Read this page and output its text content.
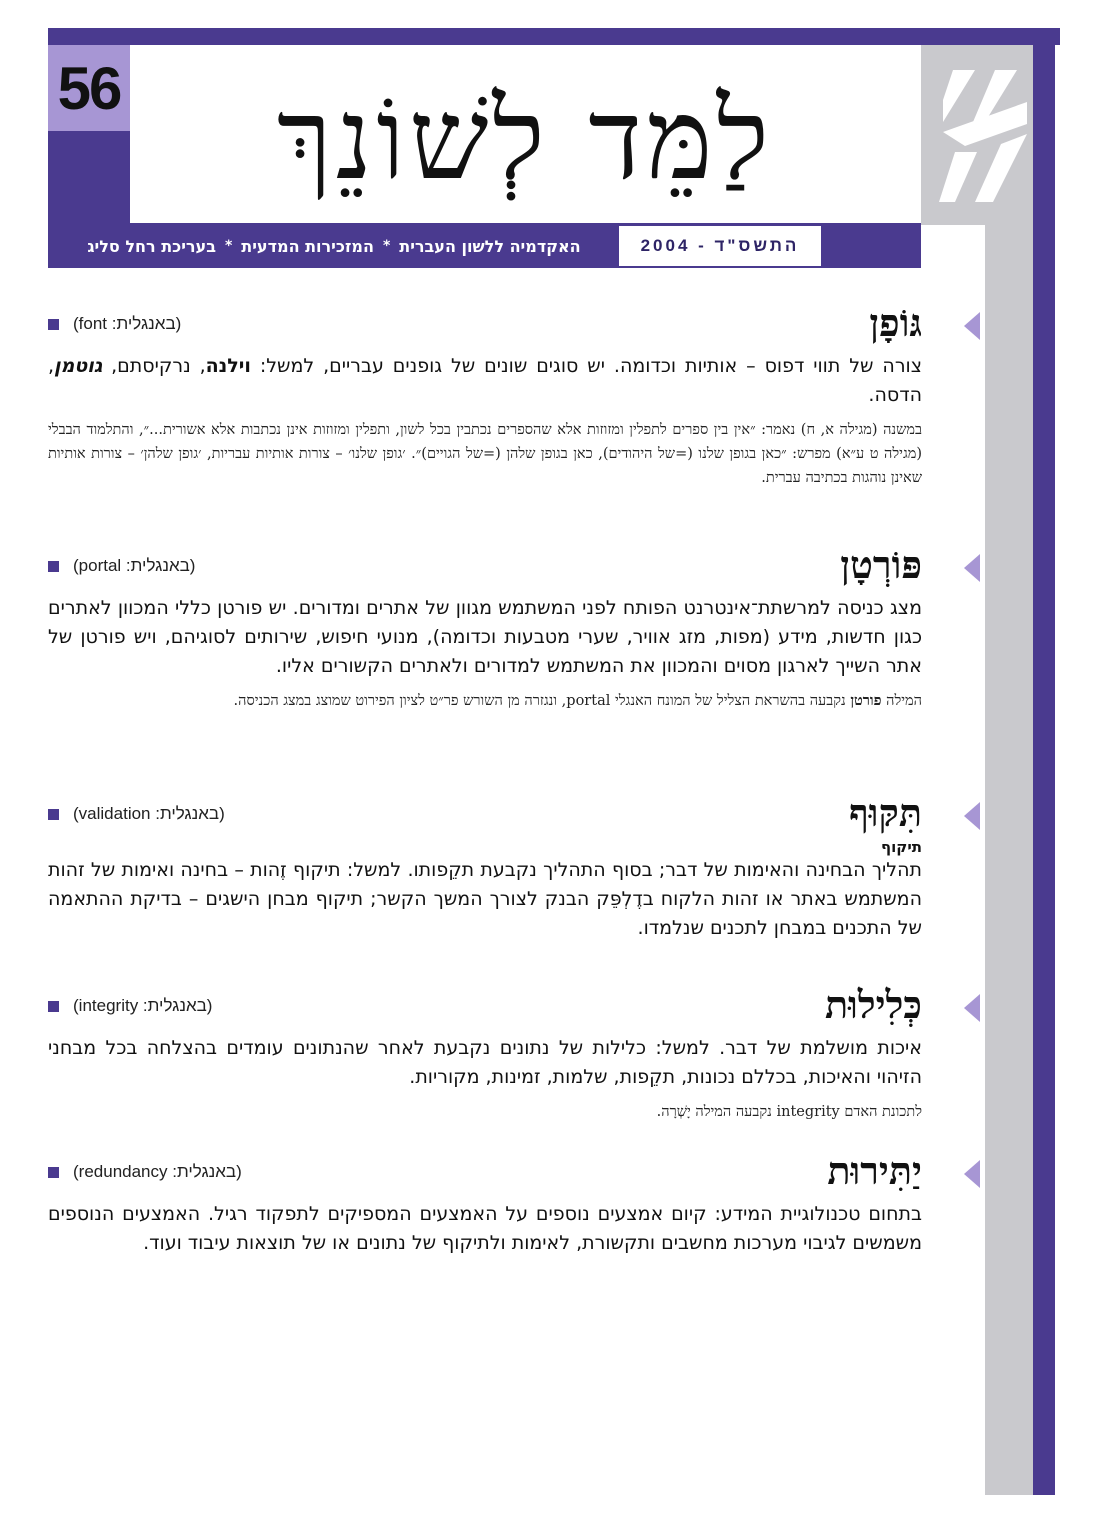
56 לַמֵּד לְשׁוֹנֵךְ
התשס"ד - 2004
האקדמיה ללשון העברית
*
המזכירות המדעית
*
בעריכת רחל סליג
גּוֹפָן
(באנגלית: font)
צורה של תווי דפוס – אותיות וכדומה. יש סוגים שונים של גופנים עבריים, למשל: וילנה, נרקיסתם, גוטמן, הדסה.
במשנה (מגילה א, ח) נאמר: ״אין בין ספרים לתפלין ומזוזות אלא שהספרים נכתבין בכל לשון, ותפלין ומזוזות אינן נכתבות אלא אשורית...״, והתלמוד הבבלי (מגילה ט ע״א) מפרש: ״כאן בגופן שלנו (=של היהודים), כאן בגופן שלהן (=של הגויים)״. ׳גופן שלנו׳ – צורות אותיות עבריות, ׳גופן שלהן׳ – צורות אותיות שאינן נוהגות בכתיבה עברית.
פּוֹרְטָן
(באנגלית: portal)
מצג כניסה למרשתת־אינטרנט הפותח לפני המשתמש מגוון של אתרים ומדורים. יש פורטן כללי המכוון לאתרים כגון חדשות, מידע (מפות, מזג אוויר, שערי מטבעות וכדומה), מנועי חיפוש, שירותים לסוגיהם, ויש פורטן של אתר השייך לארגון מסוים והמכוון את המשתמש למדורים ולאתרים הקשורים אליו.
המילה פורטן נקבעה בהשראת הצליל של המונח האנגלי portal, ונגזרה מן השורש פר״ט לציון הפירוט שמוצג במצג הכניסה.
תִּקּוּף
(באנגלית: validation)
תיקוף
תהליך הבחינה והאימות של דבר; בסוף התהליך נקבעת תקֵפותו. למשל: תיקוף זֶהות – בחינה ואימות של זהות המשתמש באתר או זהות הלקוח בדֶלְפֵּק הבנק לצורך המשך הקשר; תיקוף מבחן הישגים – בדיקת ההתאמה של התכנים במבחן לתכנים שנלמדו.
כְּלִילוּת
(באנגלית: integrity)
איכות מושלמת של דבר. למשל: כלילות של נתונים נקבעת לאחר שהנתונים עומדים בהצלחה בכל מבחני הזיהוי והאיכות, בכללם נכונות, תקֵפות, שלמות, זמינות, מקוריות.
לתכונת האדם integrity נקבעה המילה יָשְׁרָה.
יַתִּירוּת
(באנגלית: redundancy)
בתחום טכנולוגיית המידע: קיום אמצעים נוספים על האמצעים המספיקים לתפקוד רגיל. האמצעים הנוספים משמשים לגיבוי מערכות מחשבים ותקשורת, לאימות ולתיקוף של נתונים או של תוצאות עיבוד ועוד.
